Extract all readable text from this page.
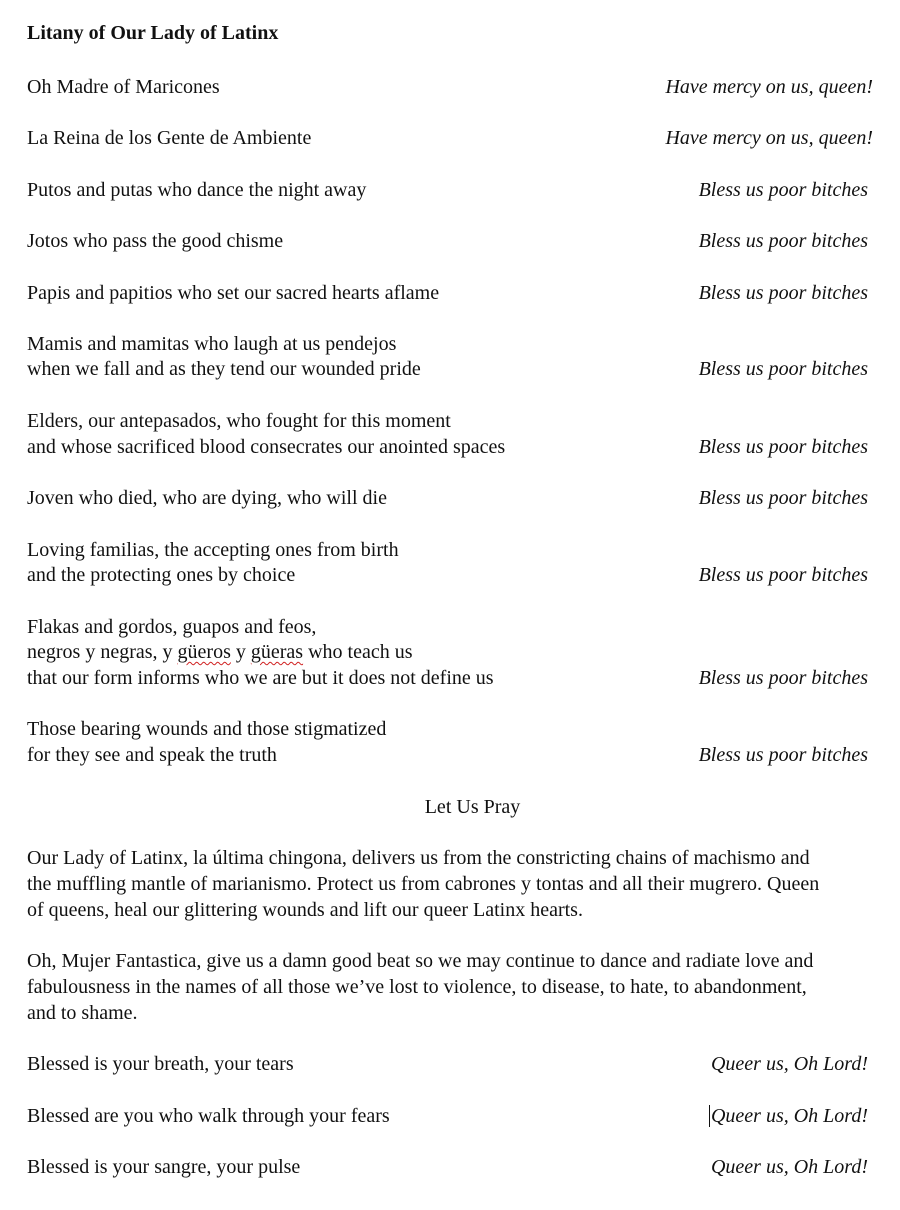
Litany of Our Lady of Latinx
Oh Madre of Maricones	Have mercy on us, queen!
La Reina de los Gente de Ambiente	Have mercy on us, queen!
Putos and putas who dance the night away	Bless us poor bitches
Jotos who pass the good chisme	Bless us poor bitches
Papis and papitios who set our sacred hearts aflame	Bless us poor bitches
Mamis and mamitas who laugh at us pendejos
when we fall and as they tend our wounded pride	Bless us poor bitches
Elders, our antepasados, who fought for this moment
and whose sacrificed blood consecrates our anointed spaces	Bless us poor bitches
Joven who died, who are dying, who will die	Bless us poor bitches
Loving familias, the accepting ones from birth
and the protecting ones by choice	Bless us poor bitches
Flakas and gordos, guapos and feos,
negros y negras, y güeros y güeras who teach us
that our form informs who we are but it does not define us	Bless us poor bitches
Those bearing wounds and those stigmatized
for they see and speak the truth	Bless us poor bitches
Let Us Pray
Our Lady of Latinx, la última chingona, delivers us from the constricting chains of machismo and
the muffling mantle of marianismo. Protect us from cabrones y tontas and all their mugrero. Queen
of queens, heal our glittering wounds and lift our queer Latinx hearts.
Oh, Mujer Fantastica, give us a damn good beat so we may continue to dance and radiate love and
fabulousness in the names of all those we’ve lost to violence, to disease, to hate, to abandonment,
and to shame.
Blessed is your breath, your tears	Queer us, Oh Lord!
Blessed are you who walk through your fears	Queer us, Oh Lord!
Blessed is your sangre, your pulse	Queer us, Oh Lord!
